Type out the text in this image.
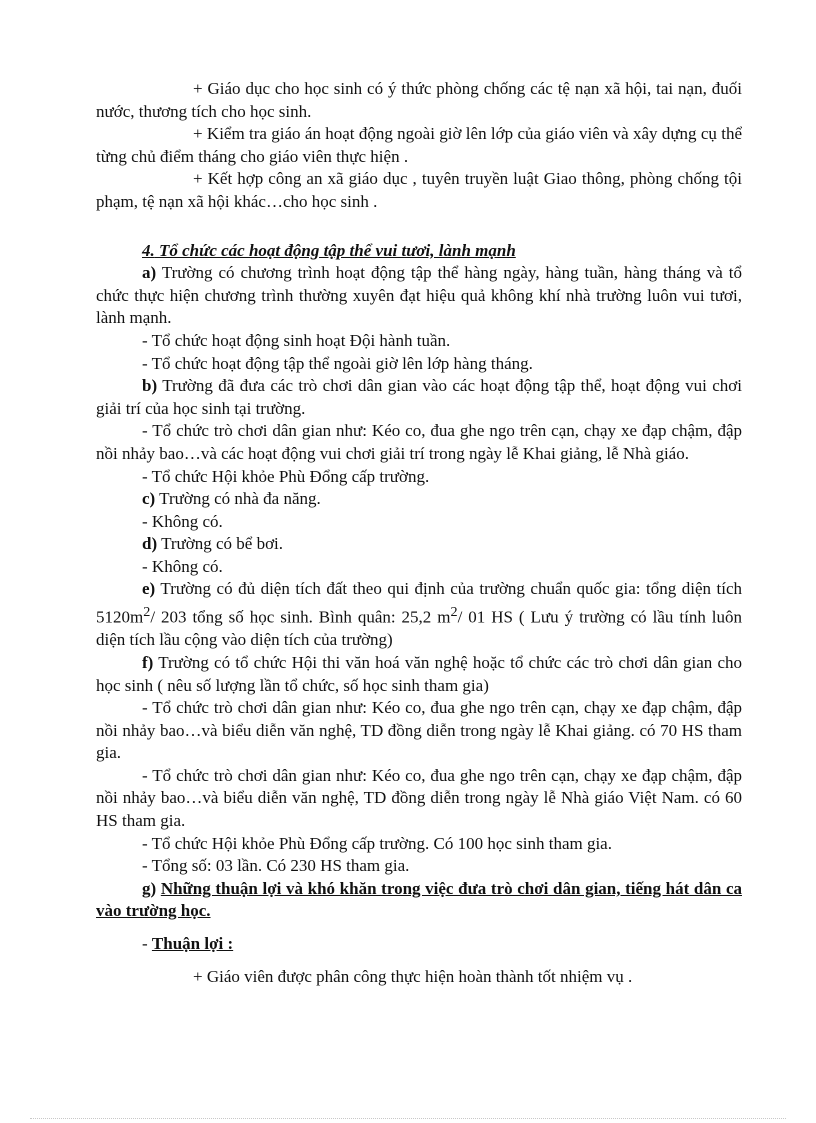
+ Giáo dục cho học sinh có ý thức phòng chống các tệ nạn xã hội, tai nạn, đuối nước, thương tích cho học sinh.

+ Kiểm tra giáo án hoạt động ngoài giờ lên lớp của giáo viên và xây dựng cụ thể từng chủ điểm tháng cho giáo viên thực hiện .

+ Kết hợp công an xã giáo dục , tuyên truyền luật Giao thông, phòng chống tội phạm, tệ nạn xã hội khác…cho học sinh .

4. Tổ chức các hoạt động tập thể vui tươi, lành mạnh

a) Trường có chương trình hoạt động tập thể hàng ngày, hàng tuần, hàng tháng và tổ chức thực hiện chương trình thường xuyên đạt hiệu quả không khí nhà trường luôn vui tươi, lành mạnh.

- Tổ chức hoạt động sinh hoạt Đội hành tuần.

- Tổ chức hoạt động tập thể ngoài giờ lên lớp hàng tháng.

b) Trường đã đưa các trò chơi dân gian vào các hoạt động tập thể, hoạt động vui chơi giải trí của học sinh tại trường.

- Tổ chức trò chơi dân gian như: Kéo co, đua ghe ngo trên cạn, chạy xe đạp chậm, đập nồi nhảy bao…và các hoạt động vui chơi giải trí trong ngày lễ Khai giảng, lễ Nhà giáo.

- Tổ chức Hội khỏe Phù Đổng cấp trường.

c) Trường có nhà đa năng.

- Không có.

d) Trường có bể bơi.

- Không có.

e) Trường có đủ diện tích đất theo qui định của trường chuẩn quốc gia: tổng diện tích $5120m^2/$ 203 tổng số học sinh. Bình quân: 25,2 $m^2/$ 01 HS ( Lưu ý trường có lầu tính luôn diện tích lầu cộng vào diện tích của trường)

f) Trường có tổ chức Hội thi văn hoá văn nghệ hoặc tổ chức các trò chơi dân gian cho học sinh ( nêu số lượng lần tổ chức, số học sinh tham gia)

- Tổ chức trò chơi dân gian như: Kéo co, đua ghe ngo trên cạn, chạy xe đạp chậm, đập nồi nhảy bao…và biểu diễn văn nghệ, TD đồng diễn trong ngày lễ Khai giảng. có 70 HS tham gia.

- Tổ chức trò chơi dân gian như: Kéo co, đua ghe ngo trên cạn, chạy xe đạp chậm, đập nồi nhảy bao…và biểu diễn văn nghệ, TD đồng diễn trong ngày lễ Nhà giáo Việt Nam. có 60 HS tham gia.

- Tổ chức Hội khỏe Phù Đổng cấp trường. Có 100 học sinh tham gia.

- Tổng số: 03 lần. Có 230 HS tham gia.

g) Những thuận lợi và khó khăn trong việc đưa trò chơi dân gian, tiếng hát dân ca vào trường học.

- Thuận lợi :

+ Giáo viên được phân công thực hiện hoàn thành tốt nhiệm vụ .
